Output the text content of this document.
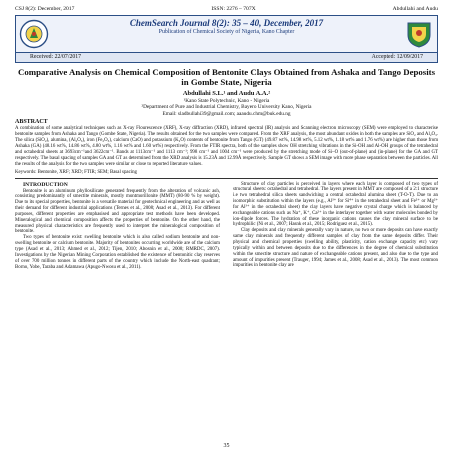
CSJ 8(2): December, 2017	ISSN: 2276 – 707X	Abdullahi and Audu
ChemSearch Journal 8(2): 35 – 40, December, 2017
Publication of Chemical Society of Nigeria, Kano Chapter
Received: 22/07/2017	Accepted: 12/09/2017
Comparative Analysis on Chemical Composition of Bentonite Clays Obtained from Ashaka and Tango Deposits in Gombe State, Nigeria
Abdullahi S.L.¹ and Audu A.A.²
¹Kano State Polytechnic, Kano - Nigeria
²Department of Pure and Industrial Chemistry, Bayero University Kano, Nigeria
Email: sladbullahi39@gmail.com; aaaudu.chm@buk.edu.ng
ABSTRACT

A combination of some analytical techniques such as X-ray Flourescence (XRF), X-ray diffraction (XRD), infrared spectral (IR) analysis and Scanning electron microscopy (SEM) were employed to characterise bentonite samples from Ashaka and Tango (Gombe State, Nigeria). The results obtained for the two samples were compared. From the XRF analysis, the most abundant oxides in both the samples are SiO₂ and Al₂O₃. The silica (SiO₂), alumina, (Al₂O₃), iron (Fe₂O₃), calcium (CaO) and potassium (K₂O) contents of bentonite from Tango (GT) (49.87 wt%, 14.98 wt%, 5.12 wt%, 1.18 wt% and 1.76 wt%) are higher than those from Ashaka (GA) (48.16 wt%, 14.86 wt%, 4.80 wt%, 1.16 wt% and 1.60 wt%) respectively. From the FTIR spectra, both of the samples show OH stretching vibrations in the Si-OH and Al-OH groups of the tetrahedral and octahedral sheets at 3693cm⁻¹and 3622cm⁻¹. Bands at 1113cm⁻¹ and 1113 cm⁻¹; 998 cm⁻¹ and 1004 cm⁻¹ were produced by the stretching mode of Si–O (out-of-plane) and (in-plane) for the GA and GT respectively. The basal spacing of samples GA and GT as determined from the XRD analysis is 15.23Å and 12.99Å respectively. Sample GT shows a SEM image with more phase separation between the particles. All the results of the analysis for the two samples were similar or close to reported literature values.

Keywords: Bentonite, XRF; XRD; FTIR; SEM; Basal spacing

INTRODUCTION

Bentonite is an aluminum phyllosilicate generated frequently from the alteration of volcanic ash, consisting predominantly of smectite minerals, mostly montmorillonite (MMT) (80-90 % by weight). Due to its special properties, bentonite is a versatile material for geotechnical engineering and as well as their demand for different industrial applications (Ternes et al., 2008; Asad et al., 2013). For different purposes, different properties are emphasised and appropriate test methods have been developed. Mineralogical and chemical composition affects the properties of bentonite. On the other hand, the measured physical characteristics are frequently used to interpret the mineralogical composition of bentonite.

Two types of bentonite exist: swelling bentonite which is also called sodium bentonite and non-swelling bentonite or calcium bentonite. Majority of bentonites occurring worldwide are of the calcium type (Asad et al., 2013; Ahmed et al., 2012; Tijen, 2010; Abosnin et al., 2008; RMRDC, 2007). Investigations by the Nigerian Mining Corporation established the existence of bentonitic clay reserves of over 700 million tonnes in different parts of the country which include the North-east quadrant; Borno, Yobe, Taraba and Adamawa (Apugo-Nwosu et al., 2011).

Structure of clay particles is perceived in layers where each layer is composed of two types of structural sheets: octahedral and tetrahedral. The layers present in MMT are composed of a 2:1 structure i.e two tetrahedral silica sheets sandwiching a central octahedral alumina sheet (T-O-T). Due to an isomorphic substitution within the layers (e.g., Al³⁺ for Si⁴⁺ in the tetrahedral sheet and Fe²⁺ or Mg²⁺ for Al³⁺ in the octahedral sheet) the clay layers have negative crystal charge which is balanced by exchangeable cations such as Na⁺, K⁺, Ca²⁺ in the interlayer together with water molecules bonded by ion-dipole forces. The hydration of these inorganic cations causes the clay mineral surface to be hydrophilic (Ni et al., 2007; Hasnk et al., 2015; Rodriguez et al., 2015).

Clay deposits and clay minerals generally vary in nature, no two or more deposits can have exactly same clay minerals and frequently different samples of clay from the same deposits differ. Their physical and chemical properties (swelling ability, plasticity, cation exchange capacity etc) vary typically within and between deposits due to the differences in the degree of chemical substitution within the smectite structure and nature of exchangeable cations present, and also due to the type and amount of impurities present (Trauger, 1994; James et al., 2008; Asad et al., 2013). The most common impurities in bentonite clay are

35
